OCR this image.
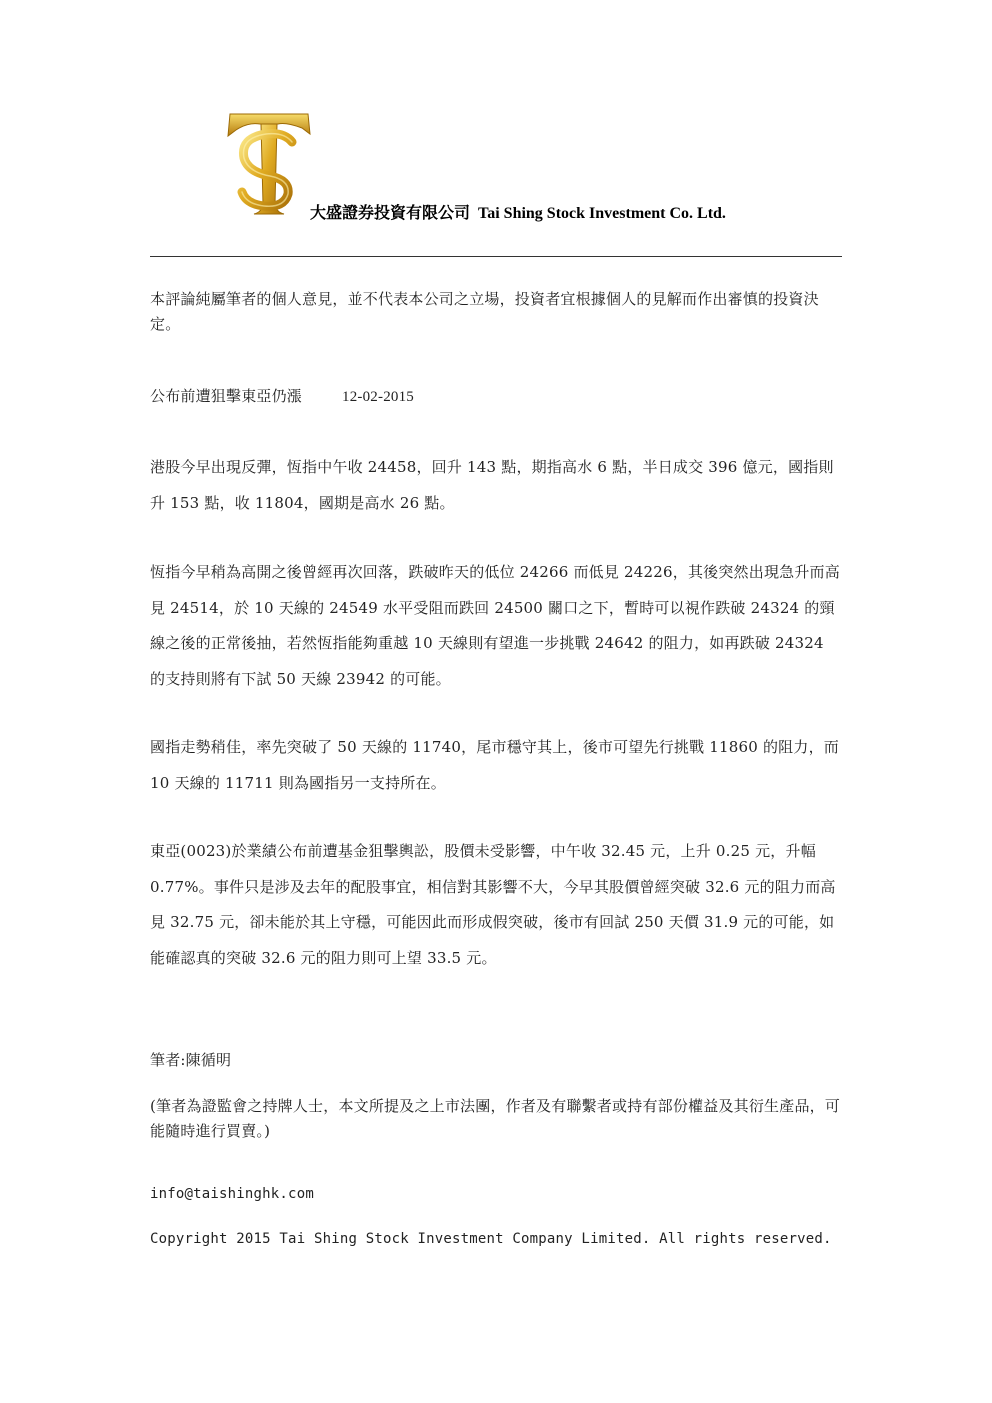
大盛證券投資有限公司 Tai Shing Stock Investment Co. Ltd.
本評論純屬筆者的個人意見，並不代表本公司之立場，投資者宜根據個人的見解而作出審慎的投資決定。
公布前遭狙擊東亞仍漲	12-02-2015
港股今早出現反彈，恆指中午收 24458，回升 143 點，期指高水 6 點，半日成交 396 億元，國指則升 153 點，收 11804，國期是高水 26 點。
恆指今早稍為高開之後曾經再次回落，跌破昨天的低位 24266 而低見 24226，其後突然出現急升而高見 24514，於 10 天線的 24549 水平受阻而跌回 24500 關口之下，暫時可以視作跌破 24324 的頸線之後的正常後抽，若然恆指能夠重越 10 天線則有望進一步挑戰 24642 的阻力，如再跌破 24324 的支持則將有下試 50 天線 23942 的可能。
國指走勢稍佳，率先突破了 50 天線的 11740，尾市穩守其上，後市可望先行挑戰 11860 的阻力，而 10 天線的 11711 則為國指另一支持所在。
東亞(0023)於業績公布前遭基金狙擊輿訟，股價未受影響，中午收 32.45 元，上升 0.25 元，升幅 0.77%。事件只是涉及去年的配股事宜，相信對其影響不大，今早其股價曾經突破 32.6 元的阻力而高見 32.75 元，卻未能於其上守穩，可能因此而形成假突破，後市有回試 250 天價 31.9 元的可能，如能確認真的突破 32.6 元的阻力則可上望 33.5 元。
筆者:陳循明
(筆者為證監會之持牌人士，本文所提及之上市法團，作者及有聯繫者或持有部份權益及其衍生產品，可能隨時進行買賣。)
info@taishinghk.com
Copyright 2015 Tai Shing Stock Investment Company Limited. All rights reserved.
